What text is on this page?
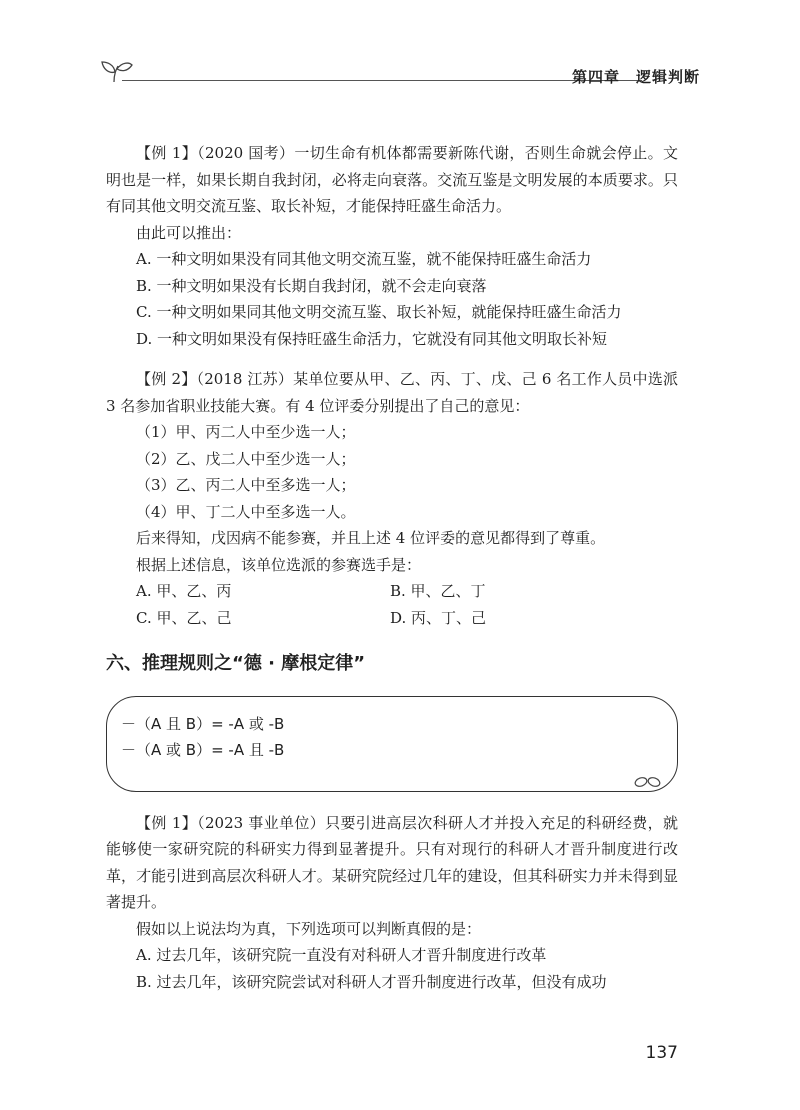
第四章　逻辑判断

【例 1】（2020 国考）一切生命有机体都需要新陈代谢，否则生命就会停止。文明也是一样，如果长期自我封闭，必将走向衰落。交流互鉴是文明发展的本质要求。只有同其他文明交流互鉴、取长补短，才能保持旺盛生命活力。

由此可以推出：

A. 一种文明如果没有同其他文明交流互鉴，就不能保持旺盛生命活力

B. 一种文明如果没有长期自我封闭，就不会走向衰落

C. 一种文明如果同其他文明交流互鉴、取长补短，就能保持旺盛生命活力

D. 一种文明如果没有保持旺盛生命活力，它就没有同其他文明取长补短

【例 2】（2018 江苏）某单位要从甲、乙、丙、丁、戊、己 6 名工作人员中选派 3 名参加省职业技能大赛。有 4 位评委分别提出了自己的意见：

（1）甲、丙二人中至少选一人；

（2）乙、戊二人中至少选一人；

（3）乙、丙二人中至多选一人；

（4）甲、丁二人中至多选一人。

后来得知，戊因病不能参赛，并且上述 4 位评委的意见都得到了尊重。

根据上述信息，该单位选派的参赛选手是：

A. 甲、乙、丙	B. 甲、乙、丁
C. 甲、乙、己	D. 丙、丁、己
六、推理规则之“德 · 摩根定律”
－（A 且 B）= -A 或 -B
－（A 或 B）= -A 且 -B

【例 1】（2023 事业单位）只要引进高层次科研人才并投入充足的科研经费，就能够使一家研究院的科研实力得到显著提升。只有对现行的科研人才晋升制度进行改革，才能引进到高层次科研人才。某研究院经过几年的建设，但其科研实力并未得到显著提升。

假如以上说法均为真，下列选项可以判断真假的是：

A. 过去几年，该研究院一直没有对科研人才晋升制度进行改革

B. 过去几年，该研究院尝试对科研人才晋升制度进行改革，但没有成功

137
